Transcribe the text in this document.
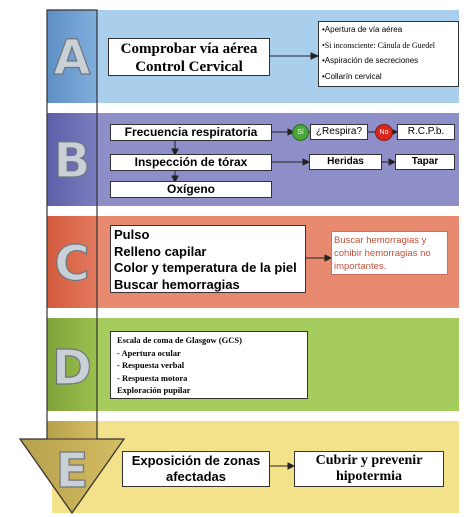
A
B
C
D
E
Comprobar vía aérea
Control Cervical
•Apertura de vía aérea
•Si inconsciente: Cánula de Guedel
•Aspiración de secreciones
•Collarín cervical
Frecuencia respiratoria	Sí	¿Respira?	No	R.C.P.b.
Inspección de tórax	Heridas	Tapar
Oxígeno
Pulso
Relleno capilar
Color y temperatura de la piel
Buscar hemorragias
Buscar hemorragias y cohibir hemorragias no importantes.
Escala de coma de Glasgow (GCS)
- Apertura ocular
- Respuesta verbal
- Respuesta motora
Exploración pupilar
Exposición de zonas afectadas
Cubrir y prevenir hipotermia
